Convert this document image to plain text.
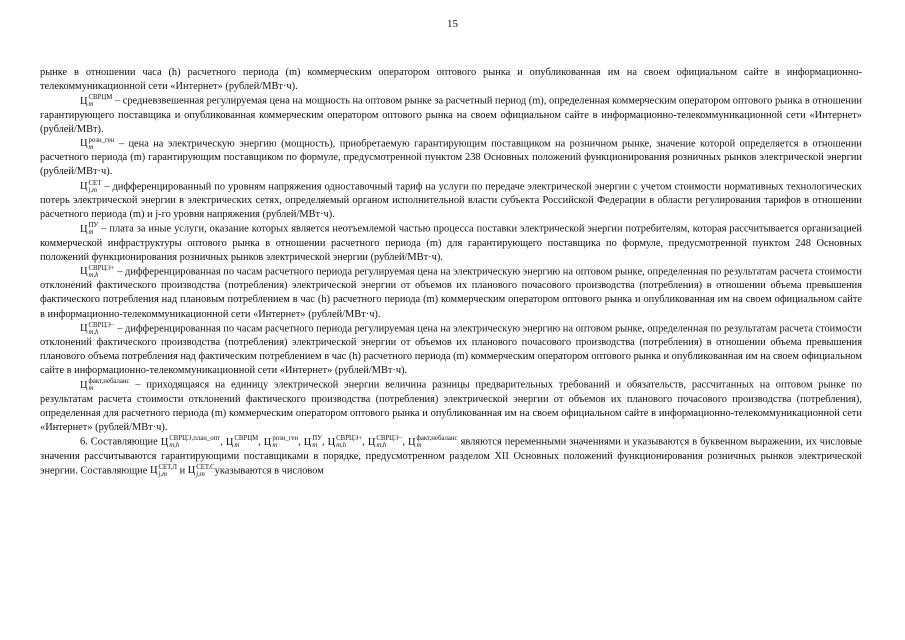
15

рынке в отношении часа (h) расчетного периода (m) коммерческим оператором оптового рынка и опубликованная им на своем официальном сайте в информационно-телекоммуникационной сети «Интернет» (рублей/МВт·ч).

Ц СВРЦМ
m	– средневзвешенная регулируемая цена на мощность на оптовом рынке за расчетный период (m), определенная коммерческим оператором оптового рынка в отношении гарантирующего поставщика и опубликованная коммерческим оператором оптового рынка на своем официальном сайте в информационно-телекоммуникационной сети «Интернет» (рублей/МВт).

Ц розн_ген
m	– цена на электрическую энергию (мощность), приобретаемую гарантирующим поставщиком на розничном рынке, значение которой определяется в отношении расчетного периода (m) гарантирующим поставщиком по формуле, предусмотренной пунктом 238 Основных положений функционирования розничных рынков электрической энергии (рублей/МВт·ч).

Ц СЕТ
j,m – дифференцированный по уровням напряжения одноставочный тариф на услуги по передаче электрической энергии с учетом стоимости нормативных технологических потерь электрической энергии в электрических сетях, определяемый органом исполнительной власти субъекта Российской Федерации в области регулирования тарифов в отношении расчетного периода (m) и j-го уровня напряжения (рублей/МВт·ч).

Ц ПУ
m – плата за иные услуги, оказание которых является неотъемлемой частью процесса поставки электрической энергии потребителям, которая рассчитывается организацией коммерческой инфраструктуры оптового рынка в отношении расчетного периода (m) для гарантирующего поставщика по формуле, предусмотренной пунктом 248 Основных положений функционирования розничных рынков электрической энергии (рублей/МВт·ч).

Ц СВРЦЭ+
m,h	– дифференцированная по часам расчетного периода регулируемая цена на электрическую энергию на оптовом рынке, определенная по результатам расчета стоимости отклонений фактического производства (потребления) электрической энергии от объемов их планового почасового производства (потребления) в отношении объема превышения фактического потребления над плановым потреблением в час (h) расчетного периода (m) коммерческим оператором оптового рынка и опубликованная им на своем официальном сайте в информационно-телекоммуникационной сети «Интернет» (рублей/МВт·ч).

Ц СВРЦЭ−
m,h	– дифференцированная по часам расчетного периода регулируемая цена на электрическую энергию на оптовом рынке, определенная по результатам расчета стоимости отклонений фактического производства (потребления) электрической энергии от объемов их планового почасового производства (потребления) в отношении объема превышения планового объема потребления над фактическим потреблением в час (h) расчетного периода (m) коммерческим оператором оптового рынка и опубликованная им на своем официальном сайте в информационно-телекоммуникационной сети «Интернет» (рублей/МВт·ч).

Ц факт,небаланс
m	– приходящаяся на единицу электрической энергии величина разницы предварительных требований и обязательств, рассчитанных на оптовом рынке по результатам расчета стоимости отклонений фактического производства (потребления) электрической энергии от объемов их планового почасового производства (потребления), определенная для расчетного периода (m) коммерческим оператором оптового рынка и опубликованная им на своем официальном сайте в информационно-телекоммуникационной сети «Интернет» (рублей/МВт·ч).

6. Составляющие Ц СВРЦЭ,план_опт
m,h	, Ц СВРЦМ
m	, Ц розн_ген
m	, Ц ПУ
m , Ц СВРЦЭ+
m,h	, Ц СВРЦЭ−
m,h	, Ц факт,небаланс
m	являются переменными значениями и указываются в буквенном выражении, их числовые значения рассчитываются гарантирующими поставщиками в порядке, предусмотренном разделом XII Основных положений функционирования розничных рынков электрической энергии. Составляющие Ц СЕТ,Л
j,m	и Ц СЕТ,С
j,m указываются в числовом
